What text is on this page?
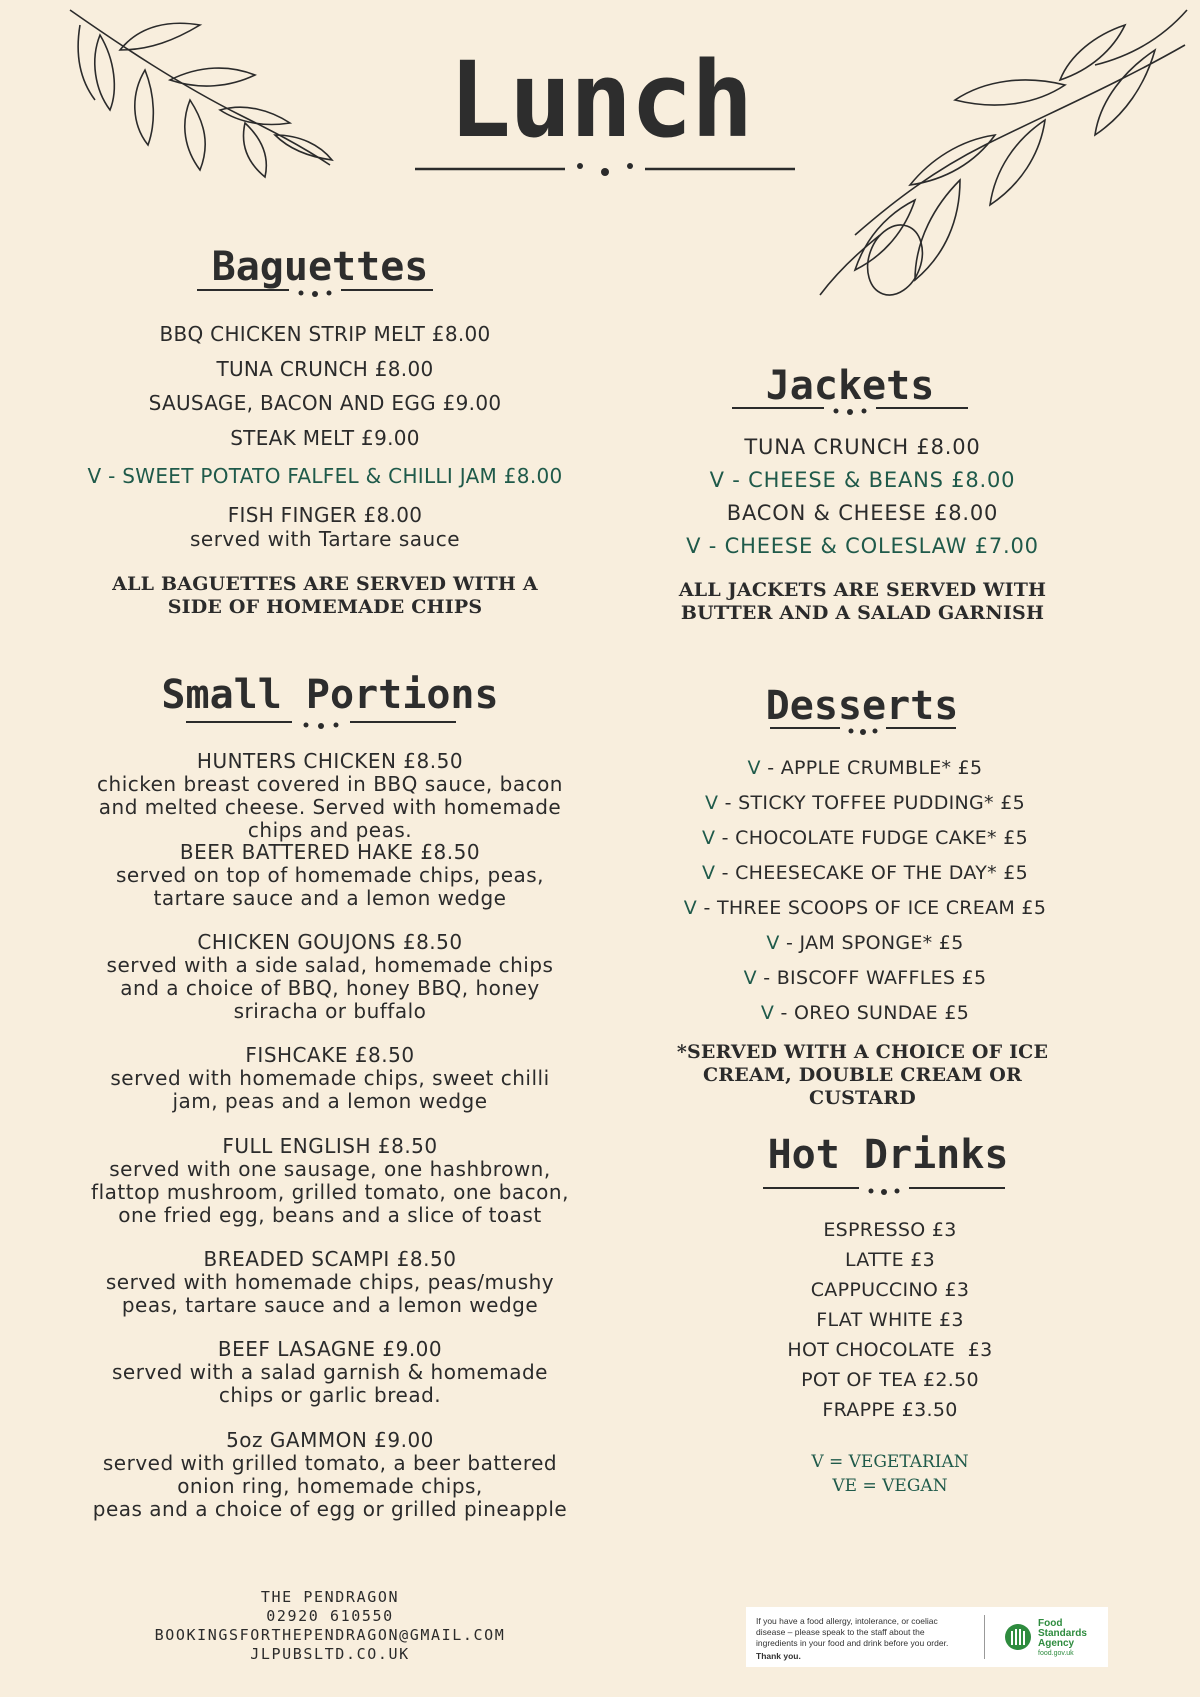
Lunch
Baguettes
BBQ CHICKEN STRIP MELT £8.00
TUNA CRUNCH £8.00
SAUSAGE, BACON AND EGG £9.00
STEAK MELT £9.00
V - SWEET POTATO FALFEL & CHILLI JAM £8.00
FISH FINGER £8.00
served with Tartare sauce
ALL BAGUETTES ARE SERVED WITH A
SIDE OF HOMEMADE CHIPS
Jackets
TUNA CRUNCH £8.00
V - CHEESE & BEANS £8.00
BACON & CHEESE £8.00
V - CHEESE & COLESLAW £7.00
ALL JACKETS ARE SERVED WITH
BUTTER AND A SALAD GARNISH
Small Portions
HUNTERS CHICKEN £8.50
chicken breast covered in BBQ sauce, bacon
and melted cheese. Served with homemade
chips and peas.
BEER BATTERED HAKE £8.50
served on top of homemade chips, peas,
tartare sauce and a lemon wedge
CHICKEN GOUJONS £8.50
served with a side salad, homemade chips
and a choice of BBQ, honey BBQ, honey
sriracha or buffalo
FISHCAKE £8.50
served with homemade chips, sweet chilli
jam, peas and a lemon wedge
FULL ENGLISH £8.50
served with one sausage, one hashbrown,
flattop mushroom, grilled tomato, one bacon,
one fried egg, beans and a slice of toast
BREADED SCAMPI £8.50
served with homemade chips, peas/mushy
peas, tartare sauce and a lemon wedge
BEEF LASAGNE £9.00
served with a salad garnish & homemade
chips or garlic bread.
5oz GAMMON £9.00
served with grilled tomato, a beer battered
onion ring, homemade chips,
peas and a choice of egg or grilled pineapple
Desserts
V - APPLE CRUMBLE* £5
V - STICKY TOFFEE PUDDING* £5
V - CHOCOLATE FUDGE CAKE* £5
V - CHEESECAKE OF THE DAY* £5
V - THREE SCOOPS OF ICE CREAM £5
V - JAM SPONGE* £5
V - BISCOFF WAFFLES £5
V - OREO SUNDAE £5
*SERVED WITH A CHOICE OF ICE
CREAM, DOUBLE CREAM OR CUSTARD
Hot Drinks
ESPRESSO £3
LATTE £3
CAPPUCCINO £3
FLAT WHITE £3
HOT CHOCOLATE  £3
POT OF TEA £2.50
FRAPPE £3.50
V = VEGETARIAN
VE = VEGAN
THE PENDRAGON
02920 610550
BOOKINGSFORTHEPENDRAGON@GMAIL.COM
JLPUBSLTD.CO.UK
If you have a food allergy, intolerance, or coeliac
disease – please speak to the staff about the
ingredients in your food and drink before you order.
Thank you.
Food
Standards
Agency
food.gov.uk
